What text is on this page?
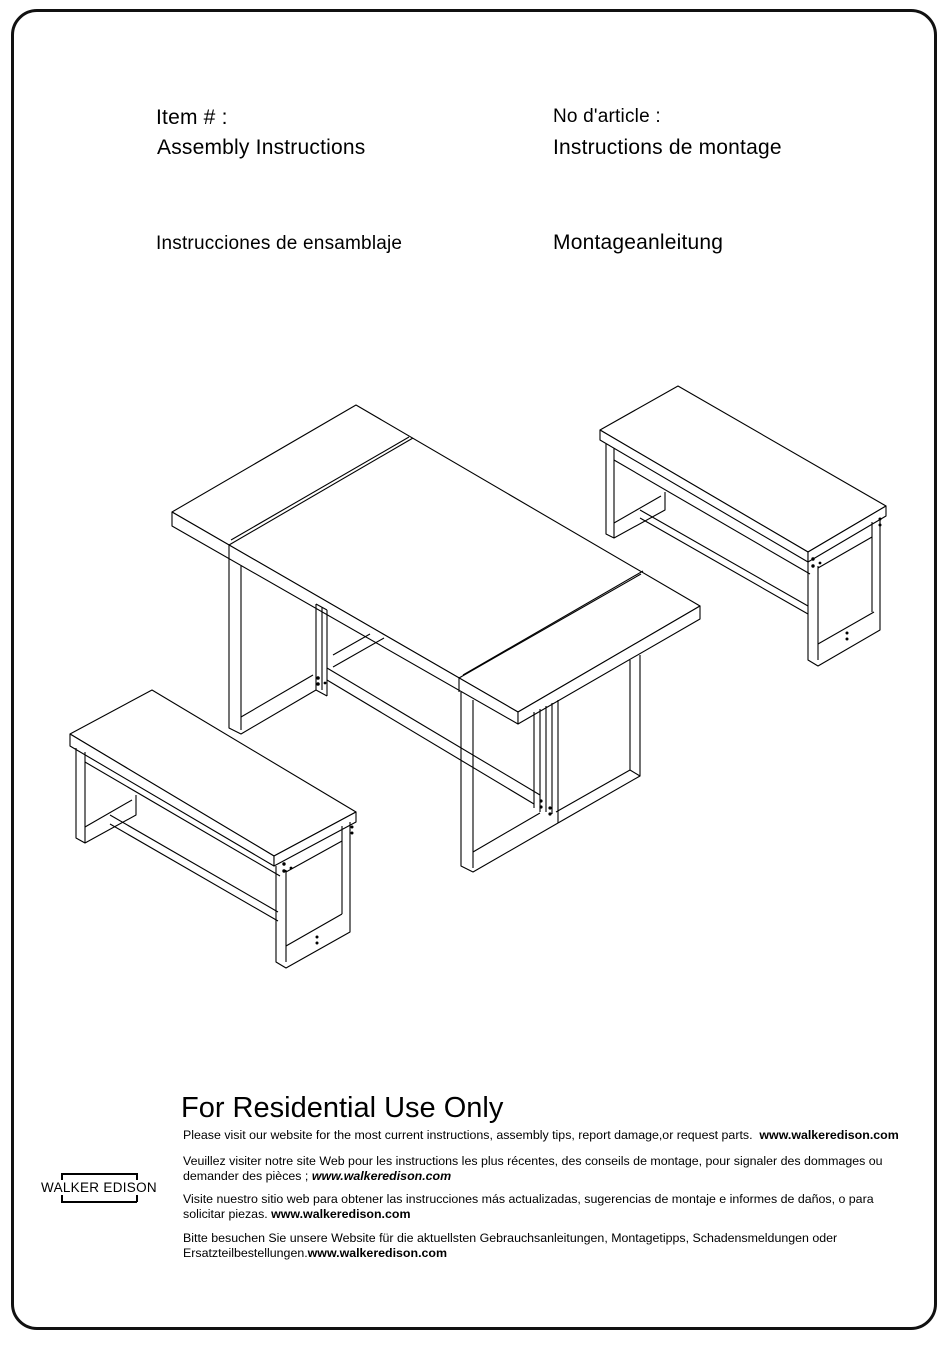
Item # :	No d'article :
Assembly Instructions	Instructions de montage
Instrucciones de ensamblaje	Montageanleitung
For Residential Use Only
Please visit our website for the most current instructions, assembly tips, report damage,or request parts. www.walkeredison.com
Veuillez visiter notre site Web pour les instructions les plus récentes, des conseils de montage, pour signaler des dommages ou demander des pièces ; www.walkeredison.com
Visite nuestro sitio web para obtener las instrucciones más actualizadas, sugerencias de montaje e informes de daños, o para solicitar piezas. www.walkeredison.com
Bitte besuchen Sie unsere Website für die aktuellsten Gebrauchsanleitungen, Montagetipps, Schadensmeldungen oder Ersatzteilbestellungen.www.walkeredison.com
WALKER EDISON
